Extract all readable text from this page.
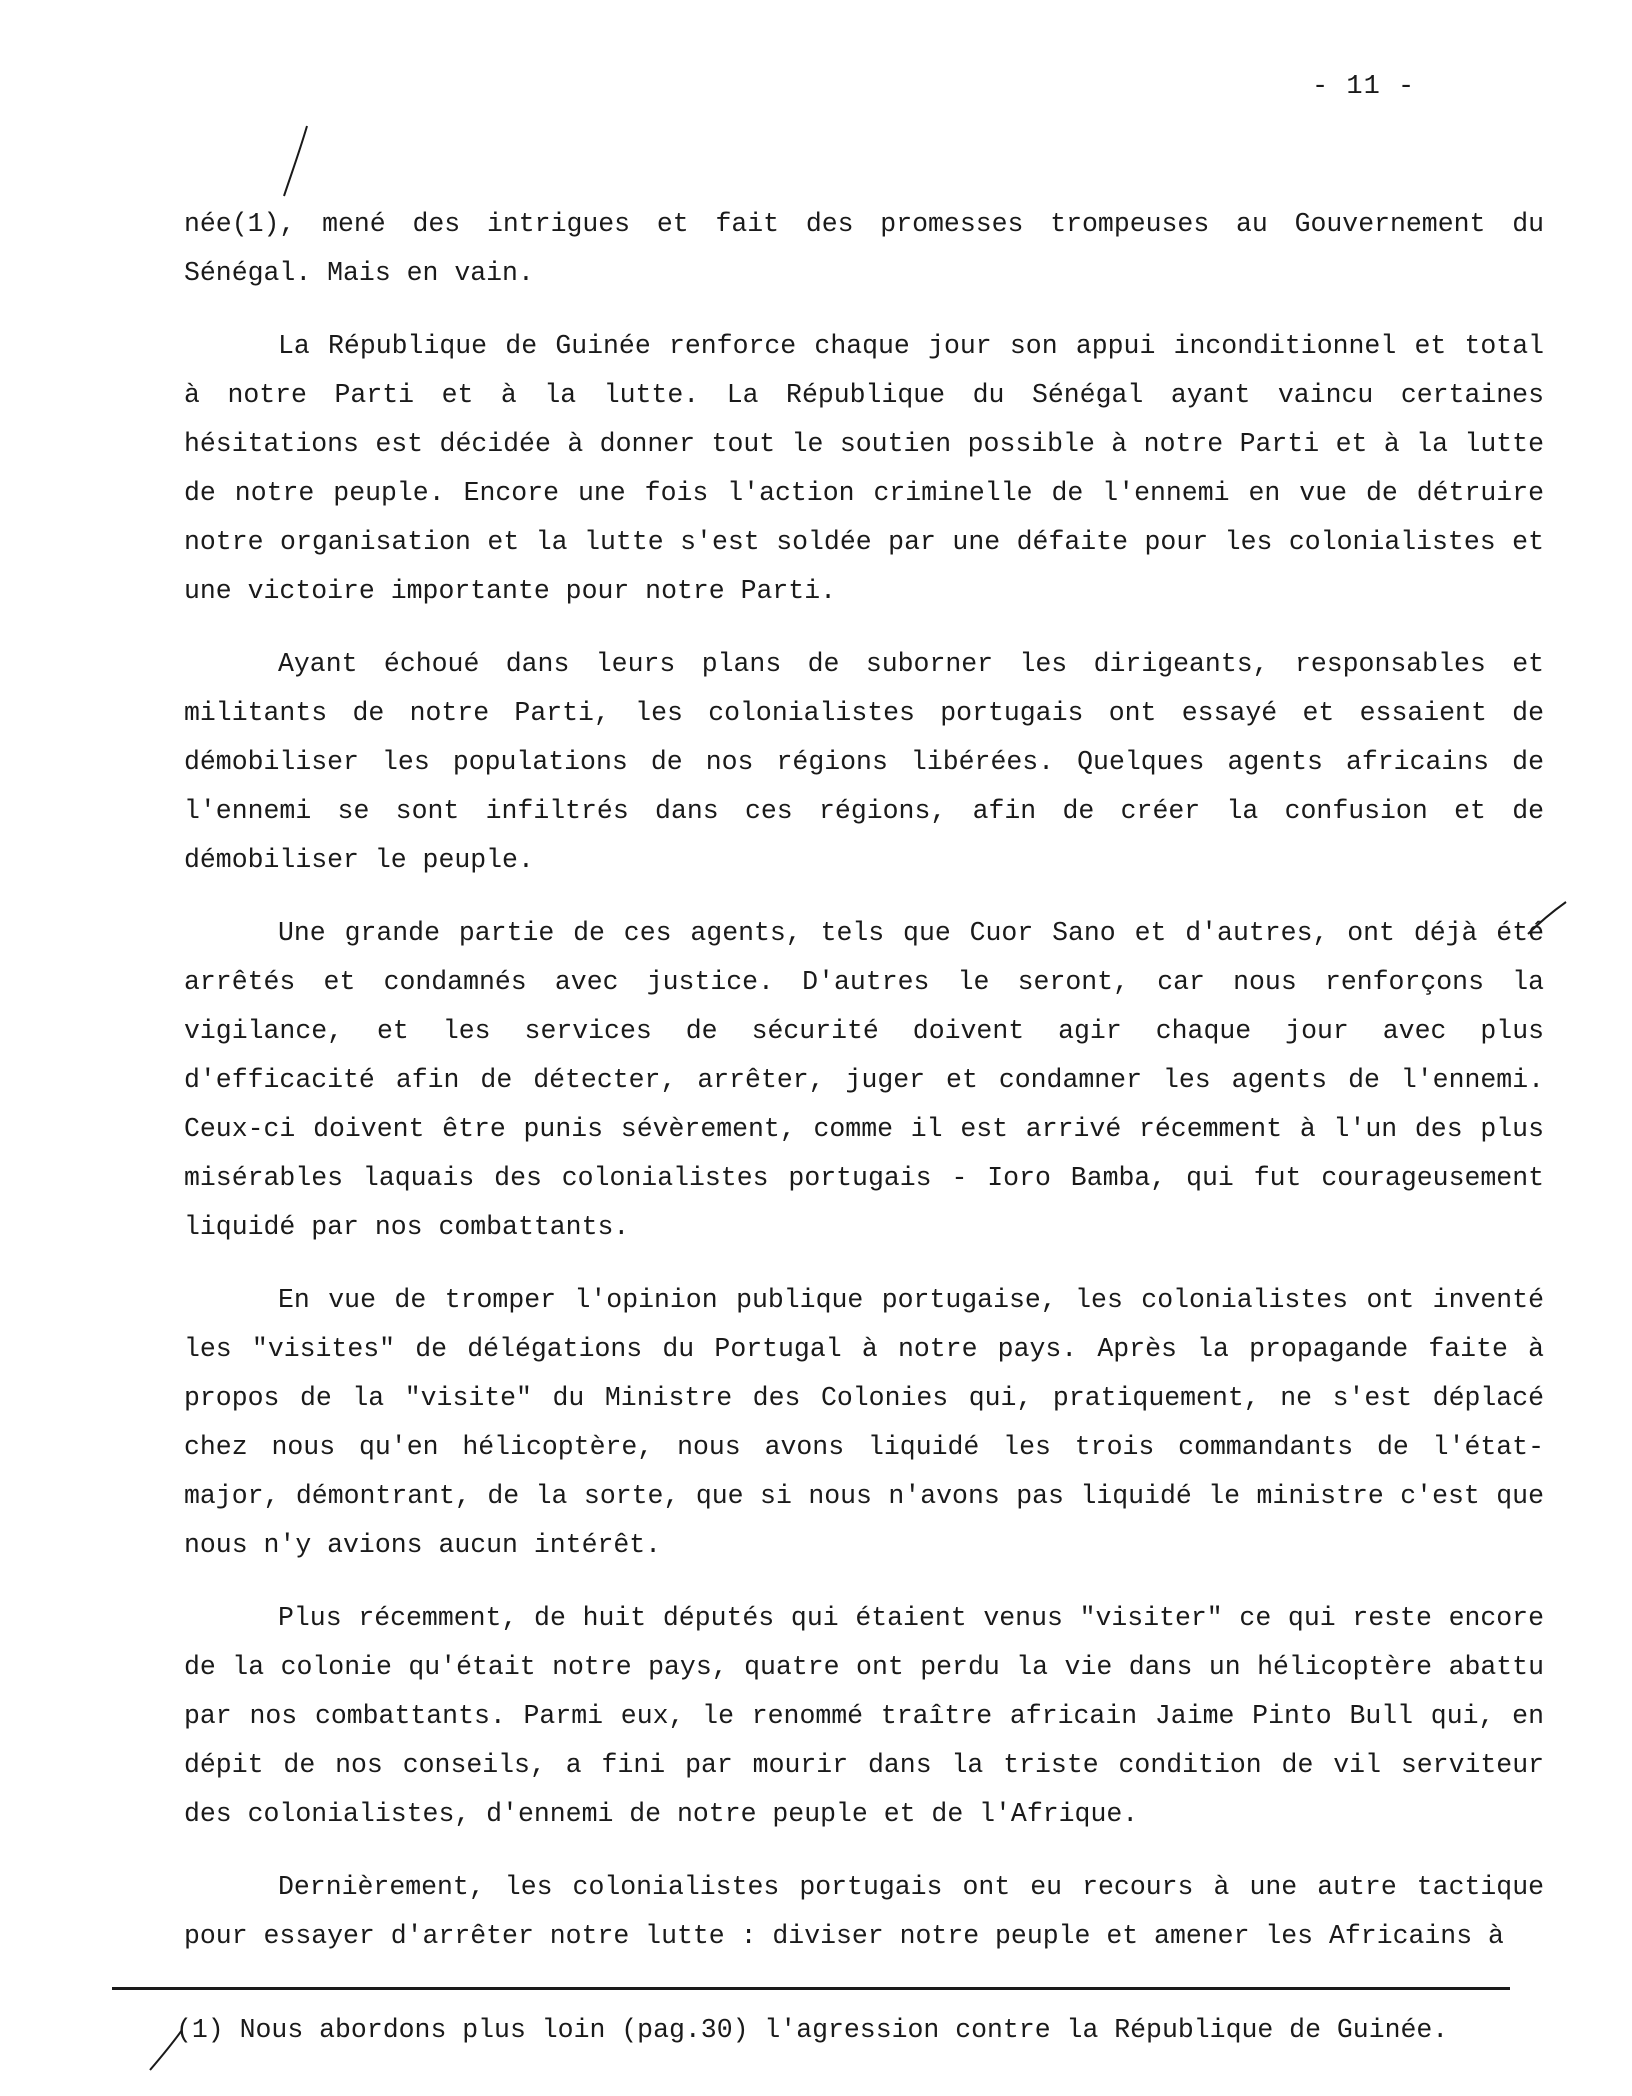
- 11 -

née(1), mené des intrigues et fait des promesses trompeuses au Gouvernement du Sénégal. Mais en vain.

La République de Guinée renforce chaque jour son appui inconditionnel et total à notre Parti et à la lutte. La République du Sénégal ayant vaincu certaines hésitations est décidée à donner tout le soutien possible à notre Parti et à la lutte de notre peuple. Encore une fois l'action criminelle de l'ennemi en vue de détruire notre organisation et la lutte s'est soldée par une défaite pour les colonialistes et une victoire importante pour notre Parti.

Ayant échoué dans leurs plans de suborner les dirigeants, responsables et militants de notre Parti, les colonialistes portugais ont essayé et essaient de démobiliser les populations de nos régions libérées. Quelques agents africains de l'ennemi se sont infiltrés dans ces régions, afin de créer la confusion et de démobiliser le peuple.

Une grande partie de ces agents, tels que Cuor Sano et d'autres, ont déjà été arrêtés et condamnés avec justice. D'autres le seront, car nous renforçons la vigilance, et les services de sécurité doivent agir chaque jour avec plus d'efficacité afin de détecter, arrêter, juger et condamner les agents de l'ennemi. Ceux-ci doivent être punis sévèrement, comme il est arrivé récemment à l'un des plus misérables laquais des colonialistes portugais - Ioro Bamba, qui fut courageusement liquidé par nos combattants.

En vue de tromper l'opinion publique portugaise, les colonialistes ont inventé les "visites" de délégations du Portugal à notre pays. Après la propagande faite à propos de la "visite" du Ministre des Colonies qui, pratiquement, ne s'est déplacé chez nous qu'en hélicoptère, nous avons liquidé les trois commandants de l'état-major, démontrant, de la sorte, que si nous n'avons pas liquidé le ministre c'est que nous n'y avions aucun intérêt.

Plus récemment, de huit députés qui étaient venus "visiter" ce qui reste encore de la colonie qu'était notre pays, quatre ont perdu la vie dans un hélicoptère abattu par nos combattants. Parmi eux, le renommé traître africain Jaime Pinto Bull qui, en dépit de nos conseils, a fini par mourir dans la triste condition de vil serviteur des colonialistes, d'ennemi de notre peuple et de l'Afrique.

Dernièrement, les colonialistes portugais ont eu recours à une autre tactique pour essayer d'arrêter notre lutte : diviser notre peuple et amener les Africains à

(1) Nous abordons plus loin (pag.30) l'agression contre la République de Guinée.
